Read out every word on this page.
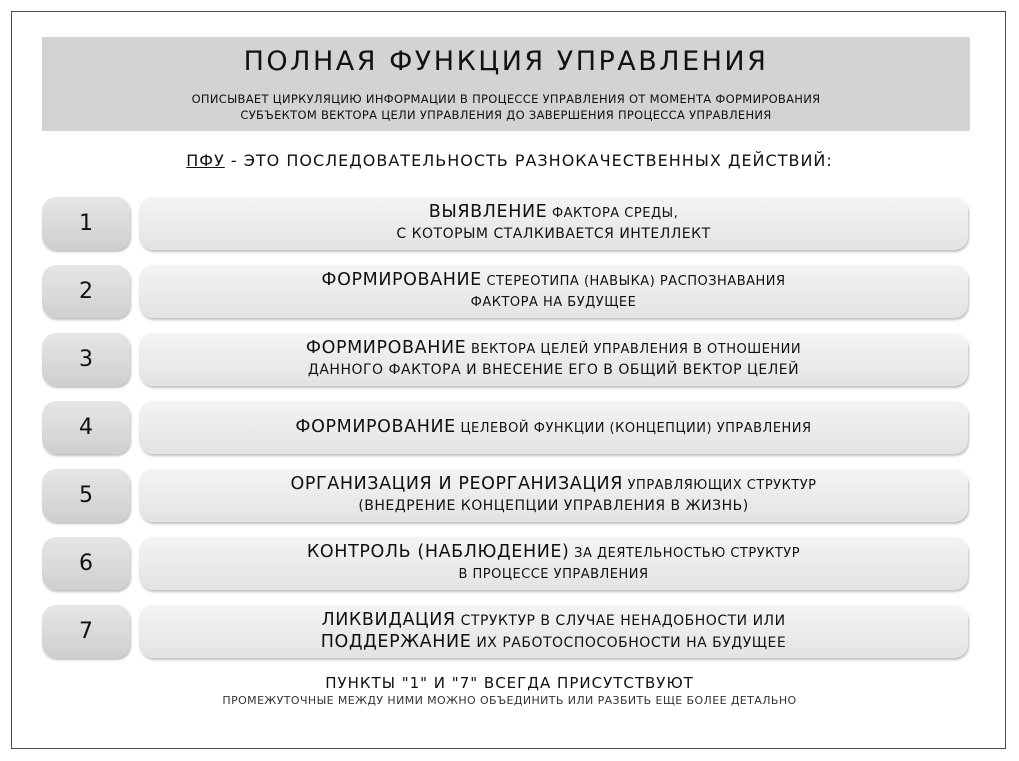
ПОЛНАЯ ФУНКЦИЯ УПРАВЛЕНИЯ
ОПИСЫВАЕТ ЦИРКУЛЯЦИЮ ИНФОРМАЦИИ В ПРОЦЕССЕ УПРАВЛЕНИЯ ОТ МОМЕНТА ФОРМИРОВАНИЯ
СУБЪЕКТОМ ВЕКТОРА ЦЕЛИ УПРАВЛЕНИЯ ДО ЗАВЕРШЕНИЯ ПРОЦЕССА УПРАВЛЕНИЯ
ПФУ - ЭТО ПОСЛЕДОВАТЕЛЬНОСТЬ РАЗНОКАЧЕСТВЕННЫХ ДЕЙСТВИЙ:
1	ВЫЯВЛЕНИЕ ФАКТОРА СРЕДЫ,
С КОТОРЫМ СТАЛКИВАЕТСЯ ИНТЕЛЛЕКТ
2	ФОРМИРОВАНИЕ СТЕРЕОТИПА (НАВЫКА) РАСПОЗНАВАНИЯ
ФАКТОРА НА БУДУЩЕЕ
3	ФОРМИРОВАНИЕ ВЕКТОРА ЦЕЛЕЙ УПРАВЛЕНИЯ В ОТНОШЕНИИ
ДАННОГО ФАКТОРА И ВНЕСЕНИЕ ЕГО В ОБЩИЙ ВЕКТОР ЦЕЛЕЙ
4	ФОРМИРОВАНИЕ ЦЕЛЕВОЙ ФУНКЦИИ (КОНЦЕПЦИИ) УПРАВЛЕНИЯ
5	ОРГАНИЗАЦИЯ И РЕОРГАНИЗАЦИЯ УПРАВЛЯЮЩИХ СТРУКТУР
(ВНЕДРЕНИЕ КОНЦЕПЦИИ УПРАВЛЕНИЯ В ЖИЗНЬ)
6	КОНТРОЛЬ (НАБЛЮДЕНИЕ) ЗА ДЕЯТЕЛЬНОСТЬЮ СТРУКТУР
В ПРОЦЕССЕ УПРАВЛЕНИЯ
7	ЛИКВИДАЦИЯ СТРУКТУР В СЛУЧАЕ НЕНАДОБНОСТИ ИЛИ
ПОДДЕРЖАНИЕ ИХ РАБОТОСПОСОБНОСТИ НА БУДУЩЕЕ
ПУНКТЫ "1" И "7" ВСЕГДА ПРИСУТСТВУЮТ
ПРОМЕЖУТОЧНЫЕ МЕЖДУ НИМИ МОЖНО ОБЪЕДИНИТЬ ИЛИ РАЗБИТЬ ЕЩЕ БОЛЕЕ ДЕТАЛЬНО
